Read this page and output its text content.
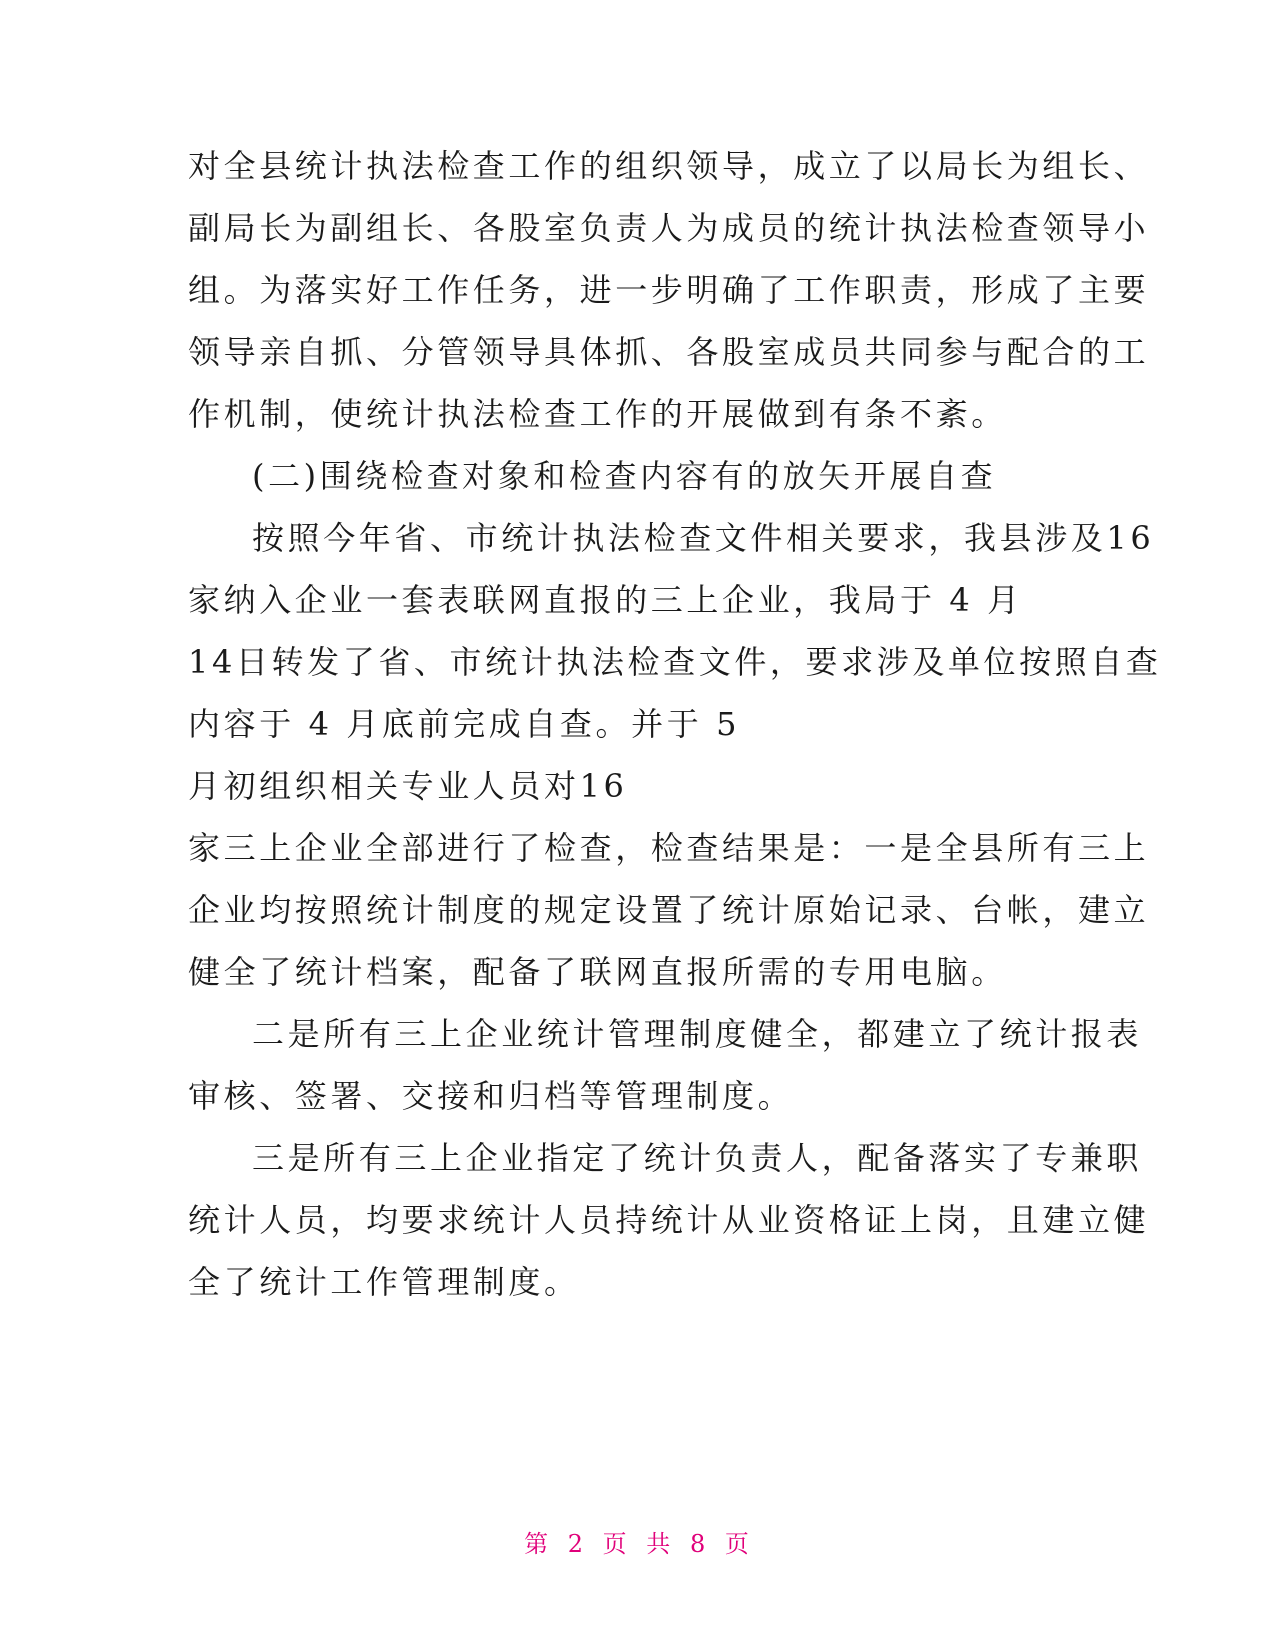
对全县统计执法检查工作的组织领导，成立了以局长为组长、
副局长为副组长、各股室负责人为成员的统计执法检查领导小
组。为落实好工作任务，进一步明确了工作职责，形成了主要
领导亲自抓、分管领导具体抓、各股室成员共同参与配合的工
作机制，使统计执法检查工作的开展做到有条不紊。
(二)围绕检查对象和检查内容有的放矢开展自查
按照今年省、市统计执法检查文件相关要求，我县涉及16
家纳入企业一套表联网直报的三上企业，我局于 4 月
14日转发了省、市统计执法检查文件，要求涉及单位按照自查
内容于 4 月底前完成自查。并于 5
月初组织相关专业人员对16
家三上企业全部进行了检查，检查结果是：一是全县所有三上
企业均按照统计制度的规定设置了统计原始记录、台帐，建立
健全了统计档案，配备了联网直报所需的专用电脑。
二是所有三上企业统计管理制度健全，都建立了统计报表
审核、签署、交接和归档等管理制度。
三是所有三上企业指定了统计负责人，配备落实了专兼职
统计人员，均要求统计人员持统计从业资格证上岗，且建立健
全了统计工作管理制度。
第 2 页 共 8 页
